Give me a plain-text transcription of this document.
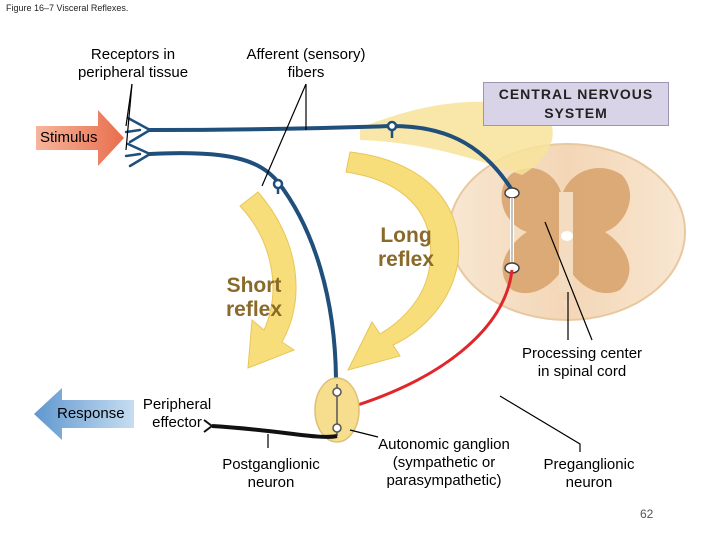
Figure 16–7 Visceral Reflexes.
Receptors in
peripheral tissue
Afferent (sensory)
fibers
CENTRAL NERVOUS
SYSTEM
Stimulus
Response
Peripheral
effector
Short
reflex
Long
reflex
Processing center
in spinal cord
Postganglionic
neuron
Autonomic ganglion
(sympathetic or
parasympathetic)
Preganglionic
neuron
62
